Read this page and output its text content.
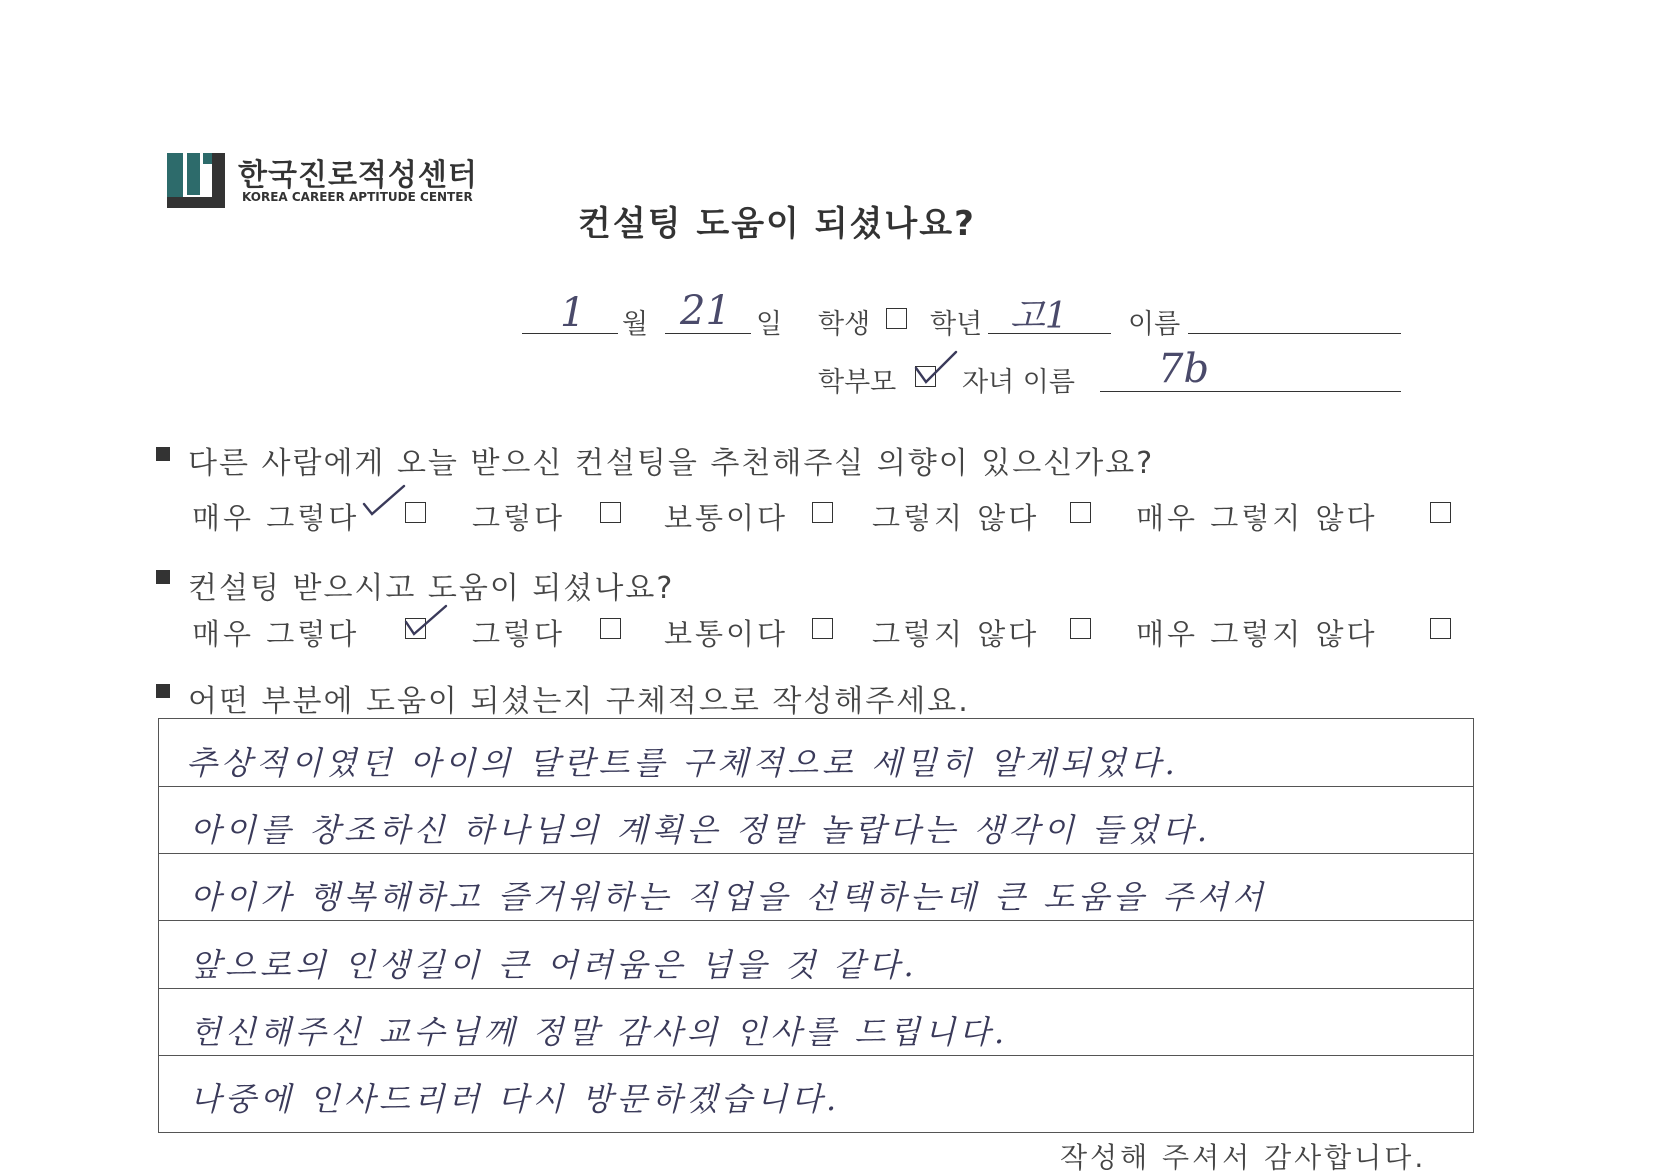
한국진로적성센터
KOREA CAREER APTITUDE CENTER
컨설팅 도움이 되셨나요?
1 월 21 일 학생 학년 고1 이름
학부모 자녀 이름 7b
다른 사람에게 오늘 받으신 컨설팅을 추천해주실 의향이 있으신가요?
매우 그렇다	그렇다	보통이다	그렇지 않다	매우 그렇지 않다
컨설팅 받으시고 도움이 되셨나요?
매우 그렇다	그렇다	보통이다	그렇지 않다	매우 그렇지 않다
어떤 부분에 도움이 되셨는지 구체적으로 작성해주세요.
추상적이였던 아이의 달란트를 구체적으로 세밀히 알게되었다.
아이를 창조하신 하나님의 계획은 정말 놀랍다는 생각이 들었다.
아이가 행복해하고 즐거워하는 직업을 선택하는데 큰 도움을 주셔서
앞으로의 인생길이 큰 어려움은 넘을 것 같다.
헌신해주신 교수님께 정말 감사의 인사를 드립니다.
나중에 인사드리러 다시 방문하겠습니다.
작성해 주셔서 감사합니다.
